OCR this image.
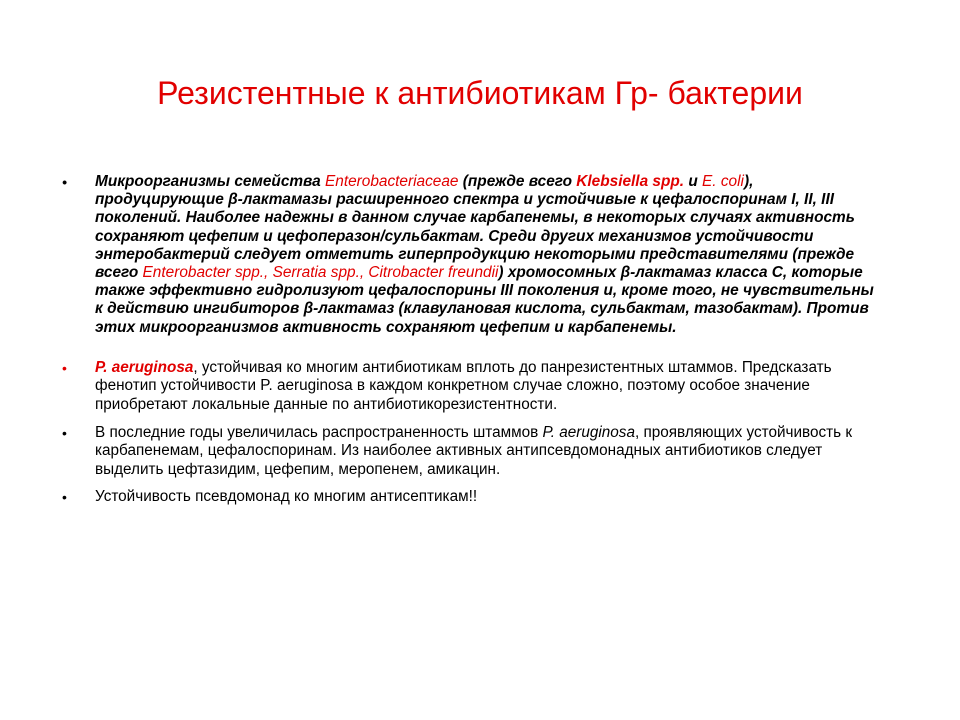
Резистентные к антибиотикам Гр- бактерии
• Микроорганизмы семейства Enterobacteriaceae (прежде всего Klebsiella spp. и E. coli), продуцирующие β-лактамазы расширенного спектра и устойчивые к цефалоспоринам I, II, III поколений. Наиболее надежны в данном случае карбапенемы, в некоторых случаях активность сохраняют цефепим и цефоперазон/сульбактам. Среди других механизмов устойчивости энтеробактерий следует отметить гиперпродукцию некоторыми представителями (прежде всего Enterobacter spp., Serratia spp., Citrobacter freundii) хромосомных β-лактамаз класса С, которые также эффективно гидролизуют цефалоспорины III поколения и, кроме того, не чувствительны к действию ингибиторов β-лактамаз (клавулановая кислота, сульбактам, тазобактам). Против этих микроорганизмов активность сохраняют цефепим и карбапенемы.
• P. aeruginosa, устойчивая ко многим антибиотикам вплоть до панрезистентных штаммов. Предсказать фенотип устойчивости P. aeruginosa в каждом конкретном случае сложно, поэтому особое значение приобретают локальные данные по антибиотикорезистентности.
• В последние годы увеличилась распространенность штаммов P. aeruginosa, проявляющих устойчивость к карбапенемам, цефалоспоринам. Из наиболее активных антипсевдомонадных антибиотиков следует выделить цефтазидим, цефепим, меропенем, амикацин.
• Устойчивость псевдомонад ко многим антисептикам!!
